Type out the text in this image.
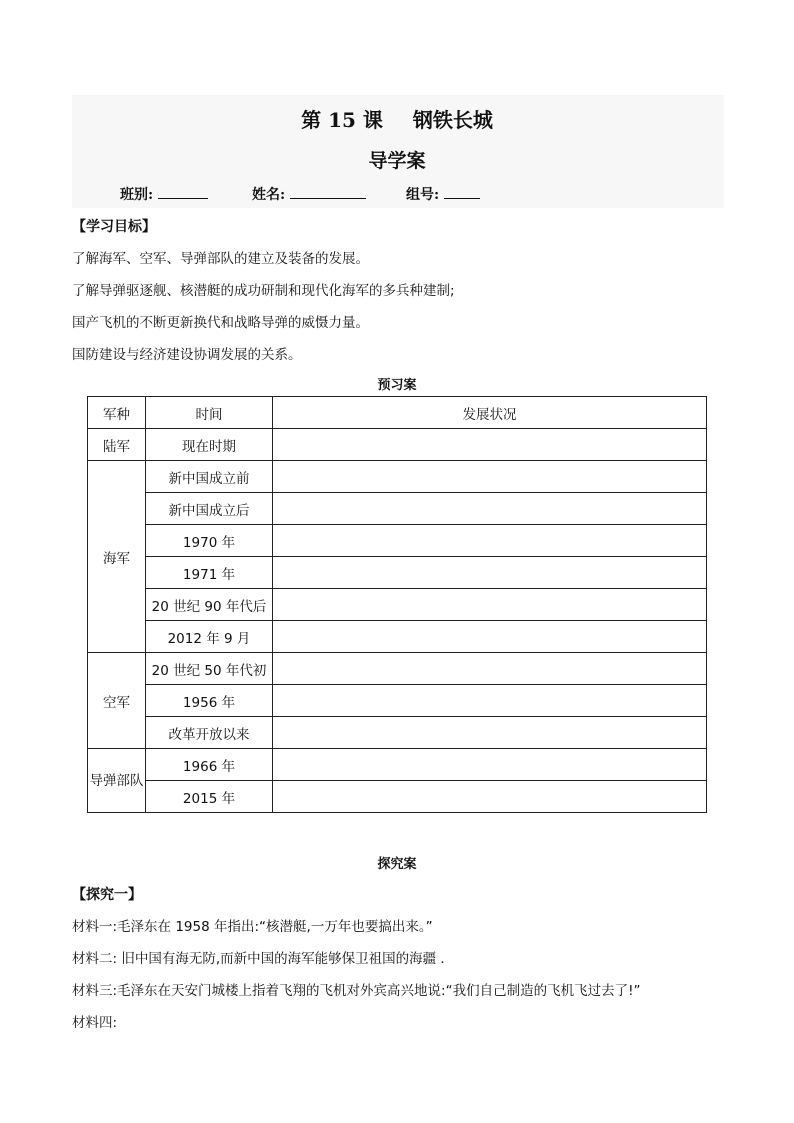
第 15 课 钢铁长城
导学案
班别:	姓名:	组号:
【学习目标】
了解海军、空军、导弹部队的建立及装备的发展。
了解导弹驱逐舰、核潜艇的成功研制和现代化海军的多兵种建制;
国产飞机的不断更新换代和战略导弹的威慑力量。
国防建设与经济建设协调发展的关系。
预习案
军种	时间	发展状况
陆军	现在时期	
海军	新中国成立前	
	新中国成立后	
	1970 年	
	1971 年	
	20 世纪 90 年代后	
	2012 年 9 月	
空军	20 世纪 50 年代初	
	1956 年	
	改革开放以来	
导弹部队	1966 年	
	2015 年	
探究案
【探究一】
材料一:毛泽东在 1958 年指出:“核潜艇,一万年也要搞出来。”
材料二: 旧中国有海无防,而新中国的海军能够保卫祖国的海疆 .
材料三:毛泽东在天安门城楼上指着飞翔的飞机对外宾高兴地说:“我们自己制造的飞机飞过去了!”
材料四:
